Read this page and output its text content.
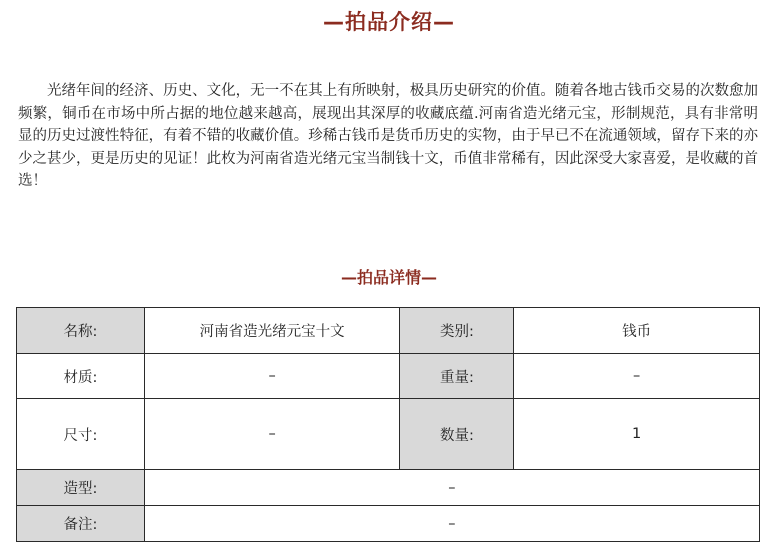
—拍品介绍—

光绪年间的经济、历史、文化，无一不在其上有所映射，极具历史研究的价值。随着各地古钱币交易的次数愈加频繁，铜币在市场中所占据的地位越来越高，展现出其深厚的收藏底蕴.河南省造光绪元宝，形制规范，具有非常明显的历史过渡性特征，有着不错的收藏价值。珍稀古钱币是货币历史的实物，由于早已不在流通领域，留存下来的亦少之甚少，更是历史的见证！此枚为河南省造光绪元宝当制钱十文，币值非常稀有，因此深受大家喜爱，是收藏的首选！

—拍品详情—
名称:	河南省造光绪元宝十文	类别:	钱币
材质:	–	重量:	–
尺寸:	–	数量:	1
造型:	–		
备注:	–		
